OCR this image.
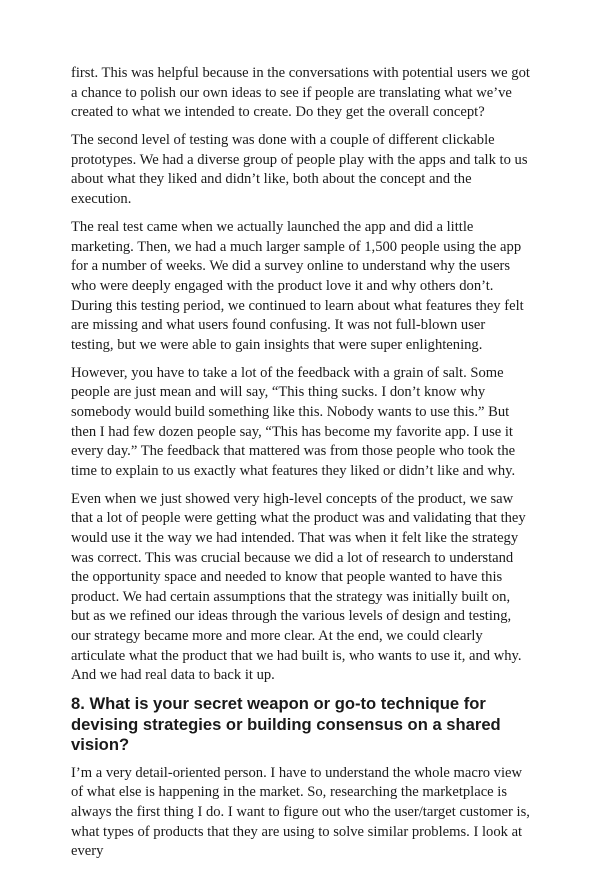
first. This was helpful because in the conversations with potential users we got a chance to polish our own ideas to see if people are translating what we’ve created to what we intended to create. Do they get the overall concept?

The second level of testing was done with a couple of different clickable prototypes. We had a diverse group of people play with the apps and talk to us about what they liked and didn’t like, both about the concept and the execution.

The real test came when we actually launched the app and did a little marketing. Then, we had a much larger sample of 1,500 people using the app for a number of weeks. We did a survey online to understand why the users who were deeply engaged with the product love it and why others don’t. During this testing period, we continued to learn about what features they felt are missing and what users found confusing. It was not full-blown user testing, but we were able to gain insights that were super enlightening.

However, you have to take a lot of the feedback with a grain of salt. Some people are just mean and will say, “This thing sucks. I don’t know why somebody would build something like this. Nobody wants to use this.” But then I had few dozen people say, “This has become my favorite app. I use it every day.” The feedback that mattered was from those people who took the time to explain to us exactly what features they liked or didn’t like and why.

Even when we just showed very high-level concepts of the product, we saw that a lot of people were getting what the product was and validating that they would use it the way we had intended. That was when it felt like the strategy was correct. This was crucial because we did a lot of research to understand the opportunity space and needed to know that people wanted to have this product. We had certain assumptions that the strategy was initially built on, but as we refined our ideas through the various levels of design and testing, our strategy became more and more clear. At the end, we could clearly articulate what the product that we had built is, who wants to use it, and why. And we had real data to back it up.

8. What is your secret weapon or go-to technique for devising strategies or building consensus on a shared vision?

I’m a very detail-oriented person. I have to understand the whole macro view of what else is happening in the market. So, researching the marketplace is always the first thing I do. I want to figure out who the user/target customer is, what types of products that they are using to solve similar problems. I look at every
